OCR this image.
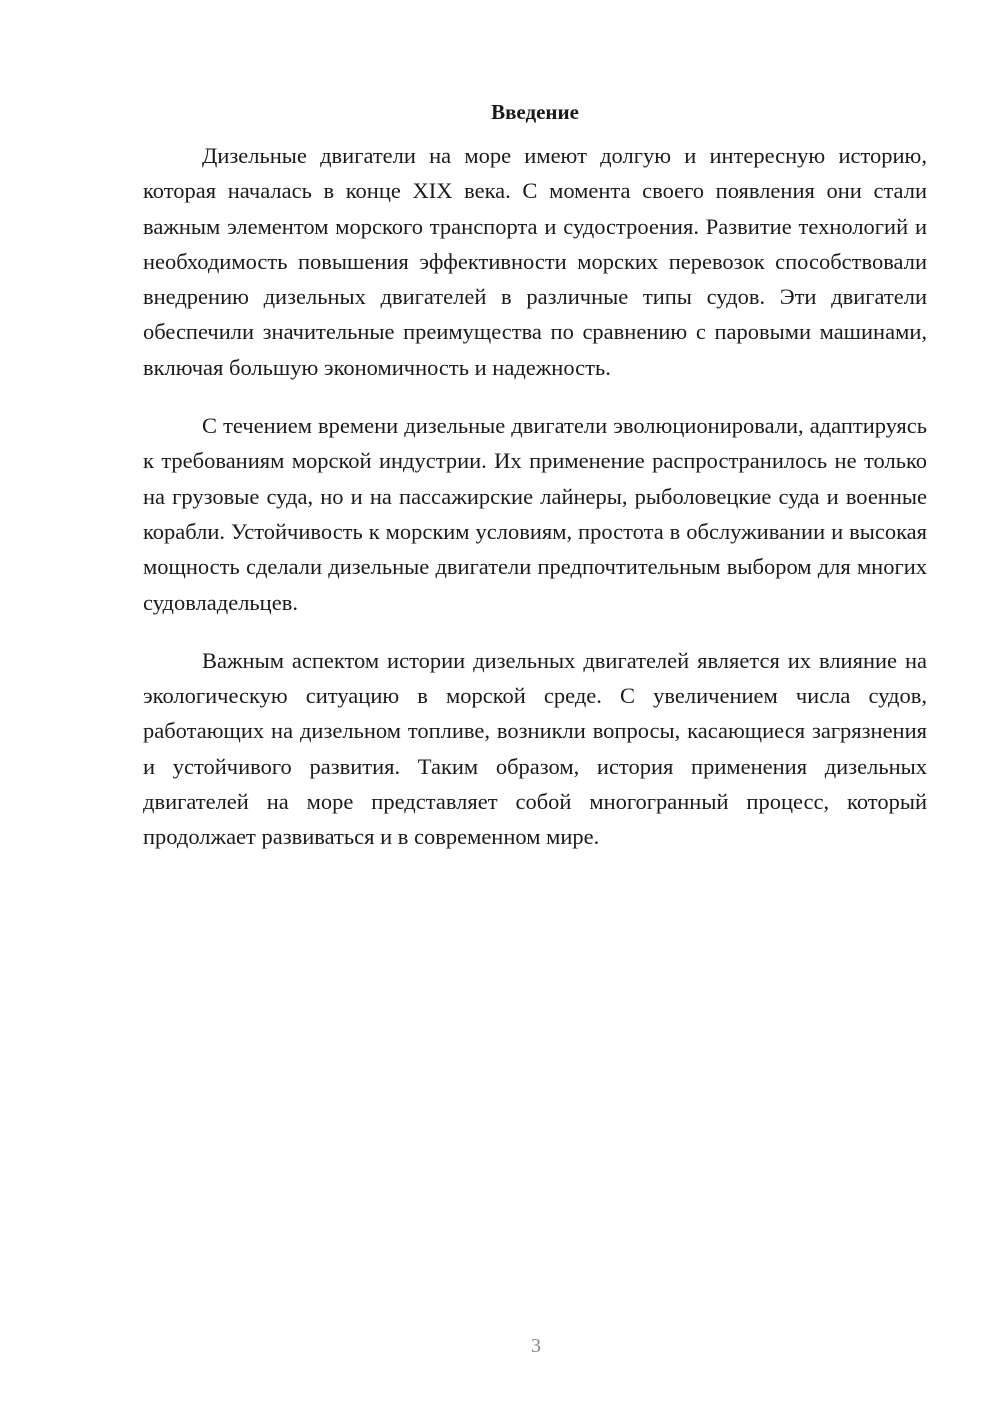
Введение

Дизельные двигатели на море имеют долгую и интересную историю, которая началась в конце XIX века. С момента своего появления они стали важным элементом морского транспорта и судостроения. Развитие технологий и необходимость повышения эффективности морских перевозок способствовали внедрению дизельных двигателей в различные типы судов. Эти двигатели обеспечили значительные преимущества по сравнению с паровыми машинами, включая большую экономичность и надежность.

С течением времени дизельные двигатели эволюционировали, адаптируясь к требованиям морской индустрии. Их применение распространилось не только на грузовые суда, но и на пассажирские лайнеры, рыболовецкие суда и военные корабли. Устойчивость к морским условиям, простота в обслуживании и высокая мощность сделали дизельные двигатели предпочтительным выбором для многих судовладельцев.

Важным аспектом истории дизельных двигателей является их влияние на экологическую ситуацию в морской среде. С увеличением числа судов, работающих на дизельном топливе, возникли вопросы, касающиеся загрязнения и устойчивого развития. Таким образом, история применения дизельных двигателей на море представляет собой многогранный процесс, который продолжает развиваться и в современном мире.

3
